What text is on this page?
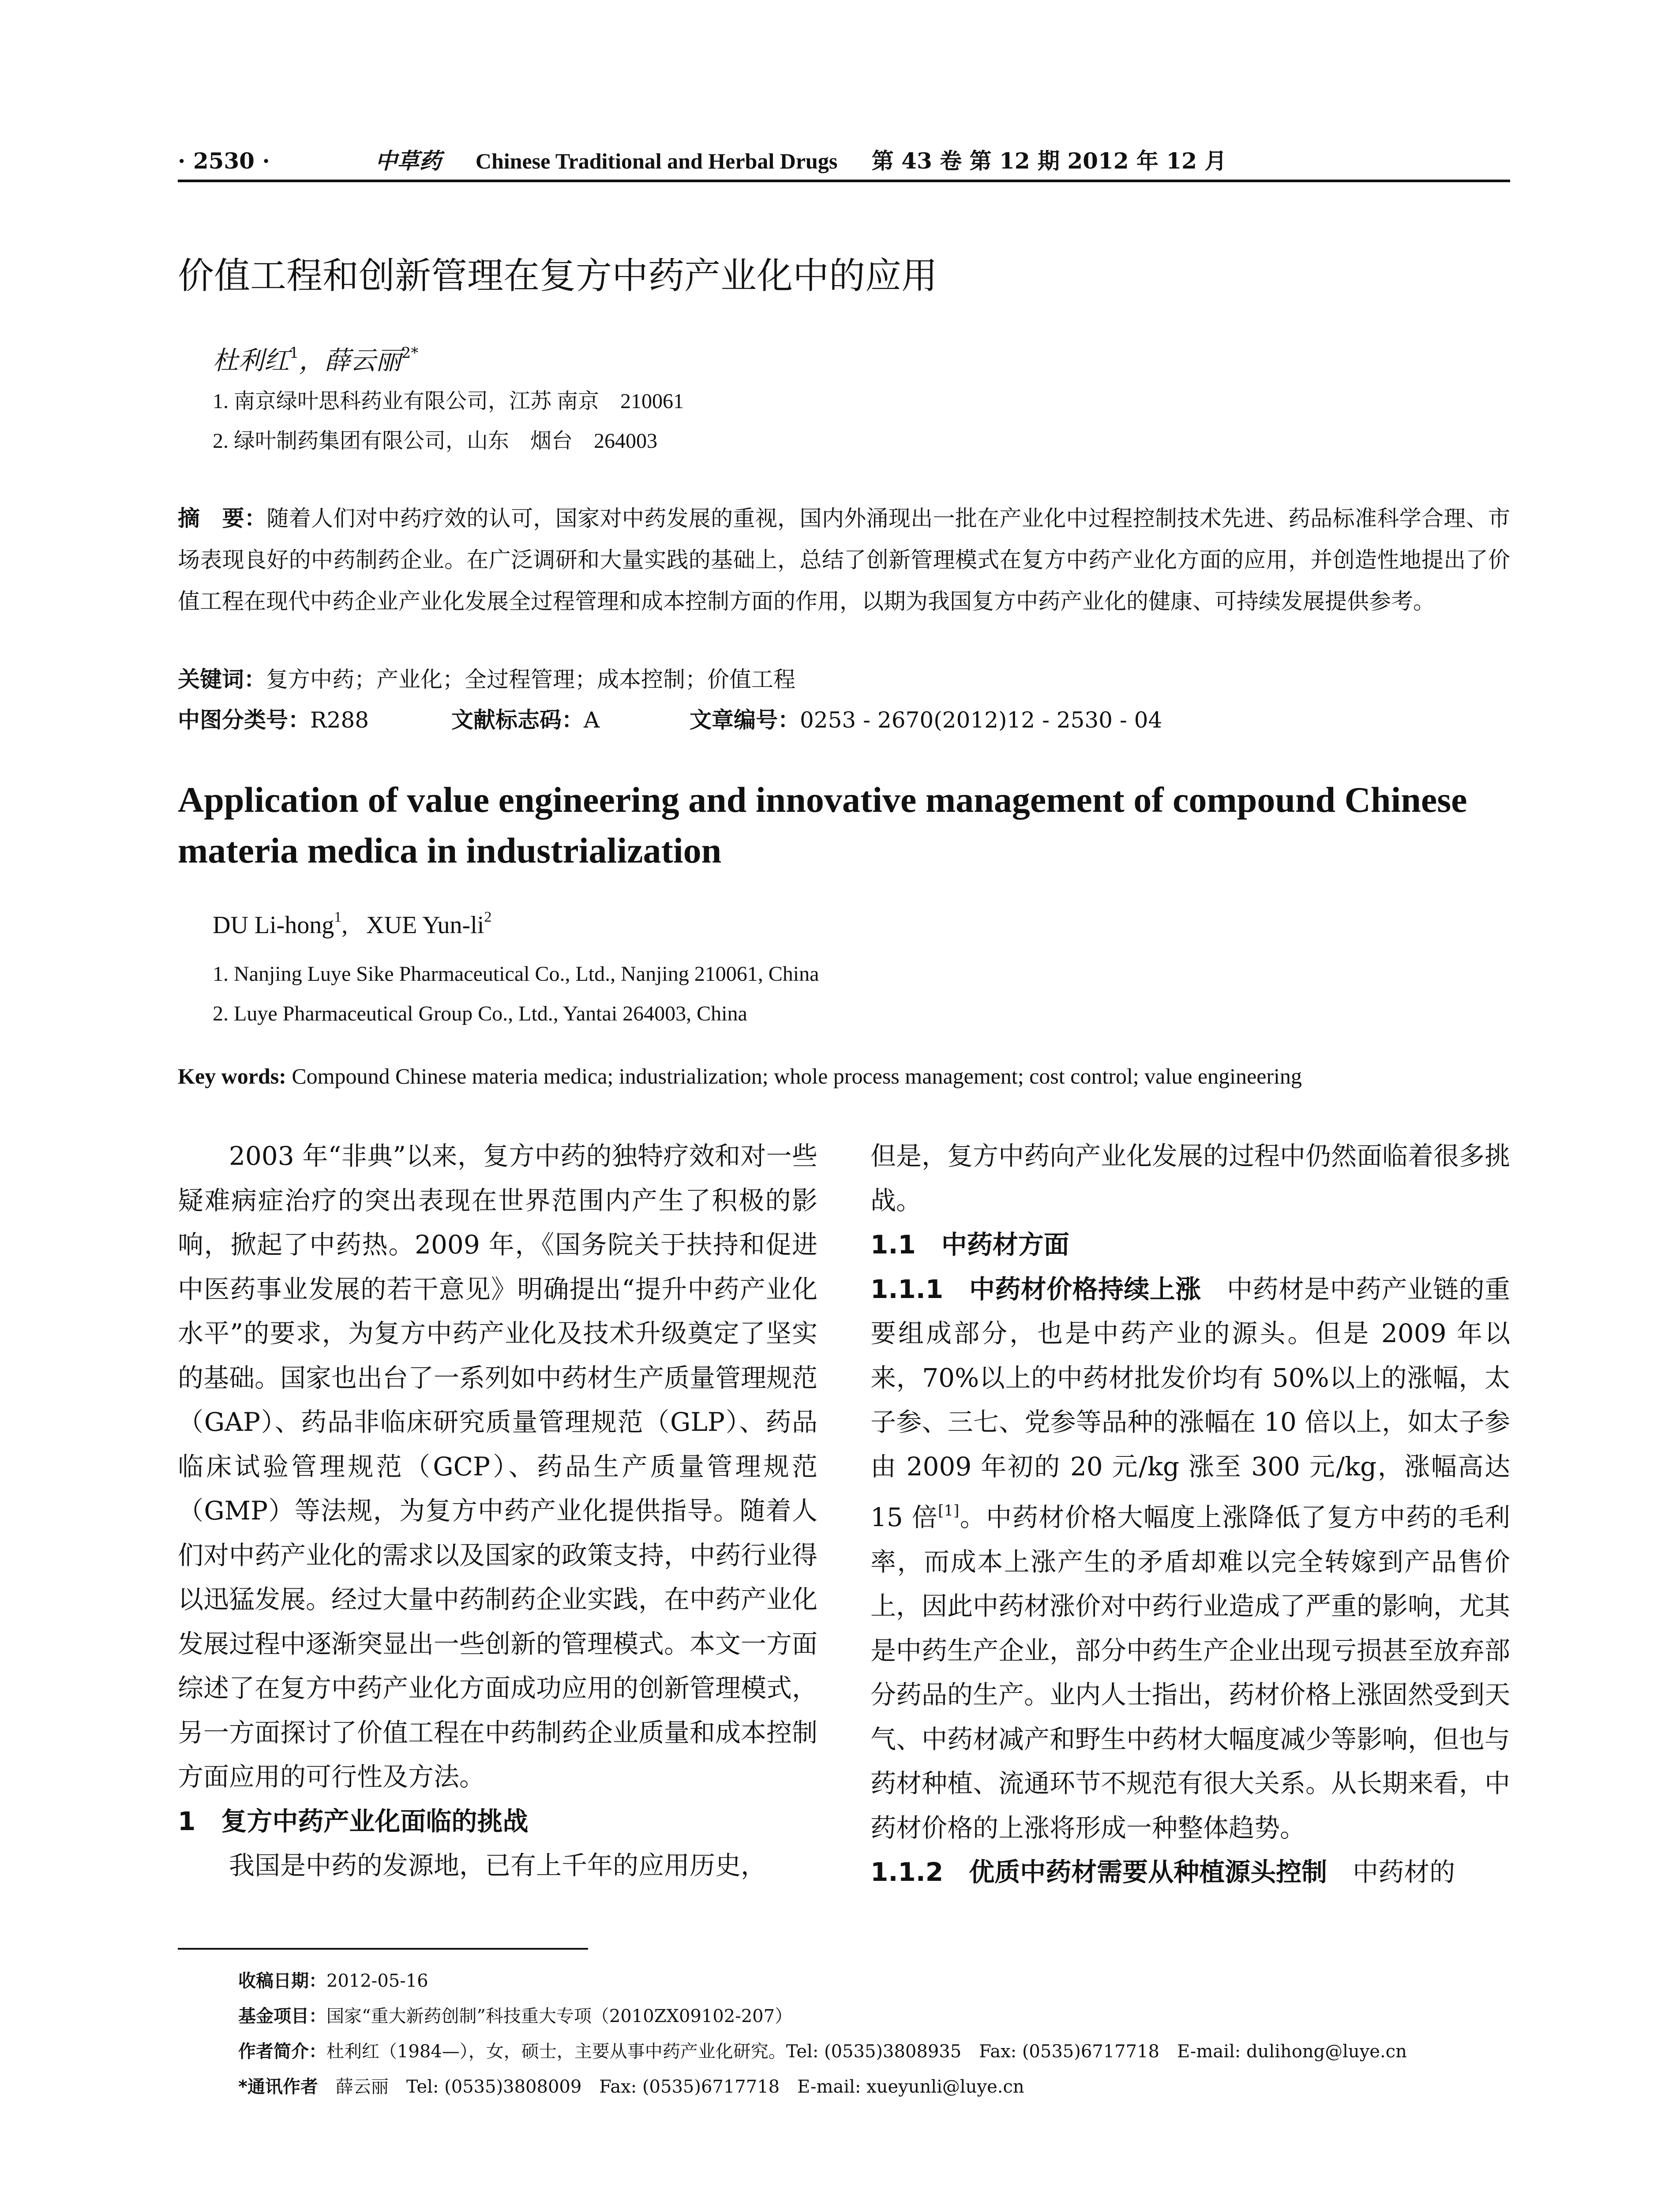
· 2530 ·	中草药 Chinese Traditional and Herbal Drugs 第 43 卷 第 12 期 2012 年 12 月
价值工程和创新管理在复方中药产业化中的应用
杜利红$^1$，薛云丽$^{2*}$
1. 南京绿叶思科药业有限公司，江苏 南京　210061
2. 绿叶制药集团有限公司，山东　烟台　264003
摘　要：随着人们对中药疗效的认可，国家对中药发展的重视，国内外涌现出一批在产业化中过程控制技术先进、药品标准科学合理、市场表现良好的中药制药企业。在广泛调研和大量实践的基础上，总结了创新管理模式在复方中药产业化方面的应用，并创造性地提出了价值工程在现代中药企业产业化发展全过程管理和成本控制方面的作用，以期为我国复方中药产业化的健康、可持续发展提供参考。
关键词：复方中药；产业化；全过程管理；成本控制；价值工程
中图分类号：R288	文献标志码：A	文章编号：0253 - 2670(2012)12 - 2530 - 04
Application of value engineering and innovative management of compound Chinese materia medica in industrialization
DU Li-hong$^1$,   XUE Yun-$li^2$
1. Nanjing Luye Sike Pharmaceutical Co., Ltd., Nanjing 210061, China
2. Luye Pharmaceutical Group Co., Ltd., Yantai 264003, China
Key words: Compound Chinese materia medica; industrialization; whole process management; cost control; value engineering

2003 年“非典”以来，复方中药的独特疗效和对一些疑难病症治疗的突出表现在世界范围内产生了积极的影响，掀起了中药热。2009 年，《国务院关于扶持和促进中医药事业发展的若干意见》明确提出“提升中药产业化水平”的要求，为复方中药产业化及技术升级奠定了坚实的基础。国家也出台了一系列如中药材生产质量管理规范（GAP）、药品非临床研究质量管理规范（GLP）、药品临床试验管理规范（GCP）、药品生产质量管理规范（GMP）等法规，为复方中药产业化提供指导。随着人们对中药产业化的需求以及国家的政策支持，中药行业得以迅猛发展。经过大量中药制药企业实践，在中药产业化发展过程中逐渐突显出一些创新的管理模式。本文一方面综述了在复方中药产业化方面成功应用的创新管理模式，另一方面探讨了价值工程在中药制药企业质量和成本控制方面应用的可行性及方法。

1　复方中药产业化面临的挑战

我国是中药的发源地，已有上千年的应用历史，

但是，复方中药向产业化发展的过程中仍然面临着很多挑战。

1.1　中药材方面

1.1.1　中药材价格持续上涨　中药材是中药产业链的重要组成部分，也是中药产业的源头。但是 2009 年以来，70%以上的中药材批发价均有 50%以上的涨幅，太子参、三七、党参等品种的涨幅在 10 倍以上，如太子参由 2009 年初的 20 元/kg 涨至 300 元/kg，涨幅高达 15 倍[1]。中药材价格大幅度上涨降低了复方中药的毛利率，而成本上涨产生的矛盾却难以完全转嫁到产品售价上，因此中药材涨价对中药行业造成了严重的影响，尤其是中药生产企业，部分中药生产企业出现亏损甚至放弃部分药品的生产。业内人士指出，药材价格上涨固然受到天气、中药材减产和野生中药材大幅度减少等影响，但也与药材种植、流通环节不规范有很大关系。从长期来看，中药材价格的上涨将形成一种整体趋势。

1.1.2　优质中药材需要从种植源头控制　中药材的

收稿日期：2012-05-16
基金项目：国家“重大新药创制”科技重大专项（2010ZX09102-207）
作者简介：杜利红（1984—），女，硕士，主要从事中药产业化研究。Tel: (0535)3808935　Fax: (0535)6717718　E-mail: dulihong@luye.cn
*通讯作者　薛云丽　Tel: (0535)3808009　Fax: (0535)6717718　E-mail: xueyunli@luye.cn
